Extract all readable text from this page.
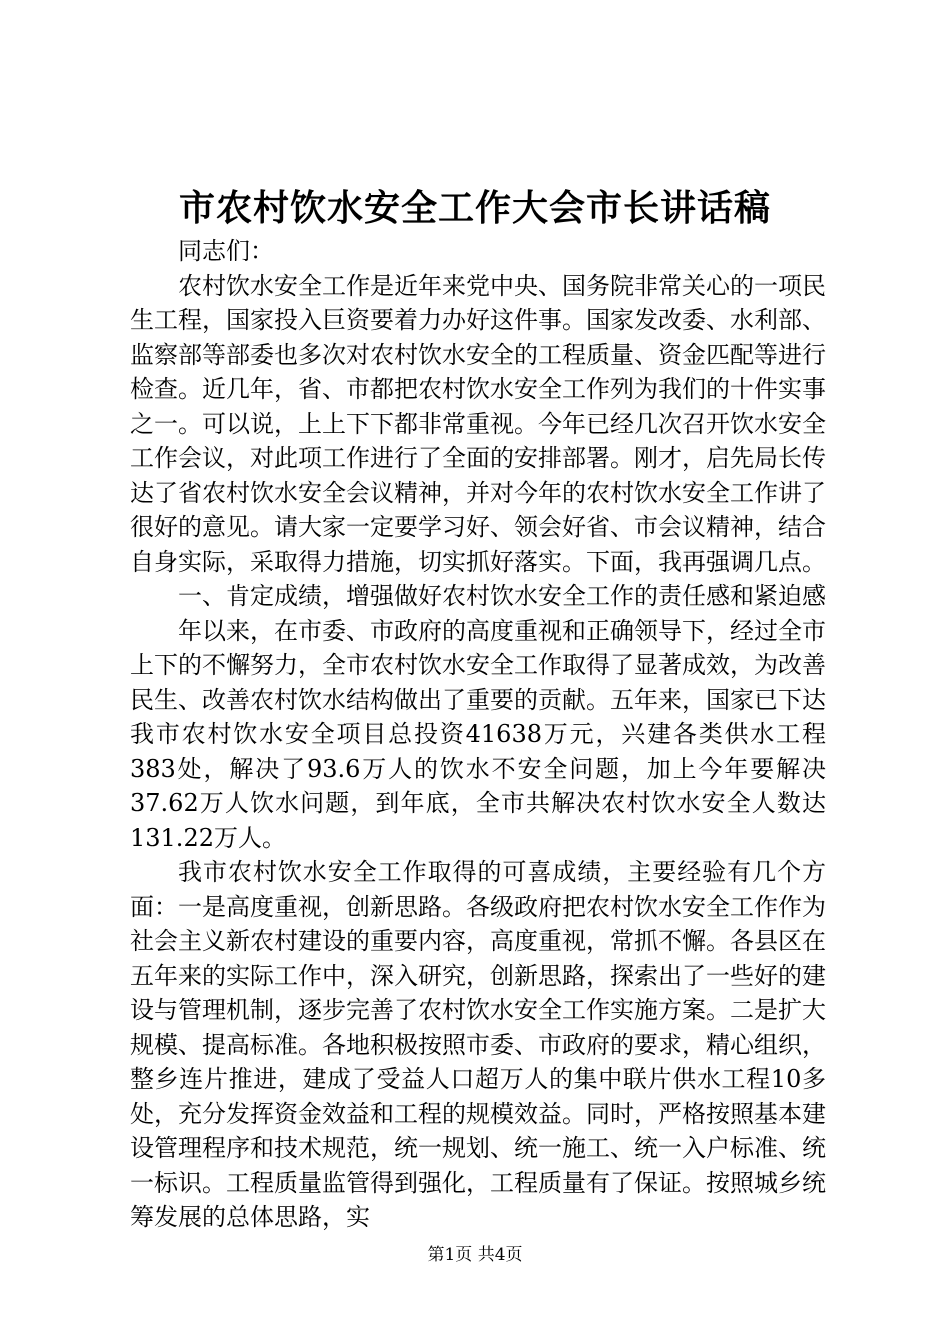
市农村饮水安全工作大会市长讲话稿

同志们：

农村饮水安全工作是近年来党中央、国务院非常关心的一项民生工程，国家投入巨资要着力办好这件事。国家发改委、水利部、监察部等部委也多次对农村饮水安全的工程质量、资金匹配等进行检查。近几年，省、市都把农村饮水安全工作列为我们的十件实事之一。可以说，上上下下都非常重视。今年已经几次召开饮水安全工作会议，对此项工作进行了全面的安排部署。刚才，启先局长传达了省农村饮水安全会议精神，并对今年的农村饮水安全工作讲了很好的意见。请大家一定要学习好、领会好省、市会议精神，结合自身实际，采取得力措施，切实抓好落实。下面，我再强调几点。

一、肯定成绩，增强做好农村饮水安全工作的责任感和紧迫感

年以来，在市委、市政府的高度重视和正确领导下，经过全市上下的不懈努力，全市农村饮水安全工作取得了显著成效，为改善民生、改善农村饮水结构做出了重要的贡献。五年来，国家已下达我市农村饮水安全项目总投资41638万元，兴建各类供水工程383处，解决了93.6万人的饮水不安全问题，加上今年要解决37.62万人饮水问题，到年底，全市共解决农村饮水安全人数达131.22万人。

我市农村饮水安全工作取得的可喜成绩，主要经验有几个方面：一是高度重视，创新思路。各级政府把农村饮水安全工作作为社会主义新农村建设的重要内容，高度重视，常抓不懈。各县区在五年来的实际工作中，深入研究，创新思路，探索出了一些好的建设与管理机制，逐步完善了农村饮水安全工作实施方案。二是扩大规模、提高标准。各地积极按照市委、市政府的要求，精心组织，整乡连片推进，建成了受益人口超万人的集中联片供水工程10多处，充分发挥资金效益和工程的规模效益。同时，严格按照基本建设管理程序和技术规范，统一规划、统一施工、统一入户标准、统一标识。工程质量监管得到强化，工程质量有了保证。按照城乡统筹发展的总体思路，实

第1页 共4页
